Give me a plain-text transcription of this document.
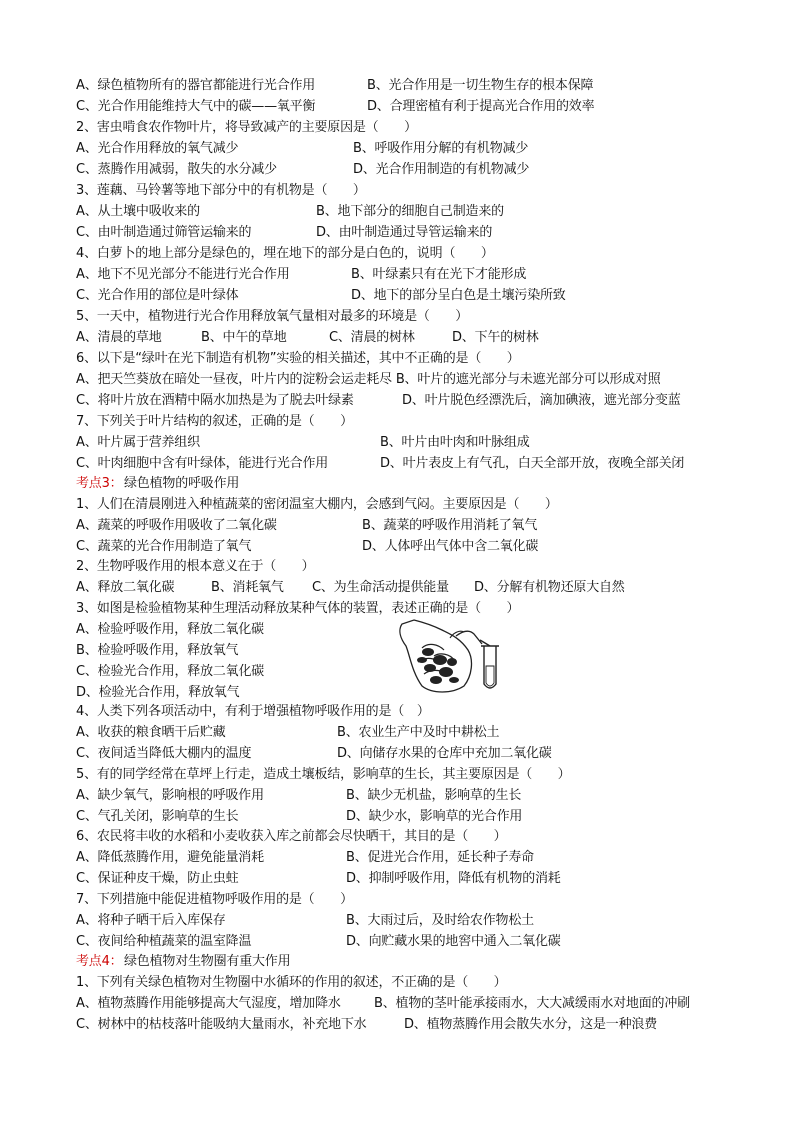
A、绿色植物所有的器官都能进行光合作用	B、光合作用是一切生物生存的根本保障
C、光合作用能维持大气中的碳——氧平衡	D、合理密植有利于提高光合作用的效率
2、害虫啃食农作物叶片，将导致减产的主要原因是（　　）
A、光合作用释放的氧气减少	B、呼吸作用分解的有机物减少
C、蒸腾作用减弱，散失的水分减少	D、光合作用制造的有机物减少
3、莲藕、马铃薯等地下部分中的有机物是（　　）
A、从土壤中吸收来的	B、地下部分的细胞自己制造来的
C、由叶制造通过筛管运输来的	D、由叶制造通过导管运输来的
4、白萝卜的地上部分是绿色的，埋在地下的部分是白色的，说明（　　）
A、地下不见光部分不能进行光合作用	B、叶绿素只有在光下才能形成
C、光合作用的部位是叶绿体	D、地下的部分呈白色是土壤污染所致
5、一天中，植物进行光合作用释放氧气量相对最多的环境是（　　）
A、清晨的草地	B、中午的草地	C、清晨的树林	D、下午的树林
6、以下是“绿叶在光下制造有机物”实验的相关描述，其中不正确的是（　　）
A、把天竺葵放在暗处一昼夜，叶片内的淀粉会运走耗尽 B、叶片的遮光部分与未遮光部分可以形成对照
C、将叶片放在酒精中隔水加热是为了脱去叶绿素	D、叶片脱色经漂洗后，滴加碘液，遮光部分变蓝
7、下列关于叶片结构的叙述，正确的是（　　）
A、叶片属于营养组织	B、叶片由叶肉和叶脉组成
C、叶肉细胞中含有叶绿体，能进行光合作用	D、叶片表皮上有气孔，白天全部开放，夜晚全部关闭
考点3： 绿色植物的呼吸作用
1、人们在清晨刚进入种植蔬菜的密闭温室大棚内，会感到气闷。主要原因是（　　）
A、蔬菜的呼吸作用吸收了二氧化碳	B、蔬菜的呼吸作用消耗了氧气
C、蔬菜的光合作用制造了氧气	D、人体呼出气体中含二氧化碳
2、生物呼吸作用的根本意义在于（　　）
A、释放二氧化碳	B、消耗氧气 C、为生命活动提供能量 D、分解有机物还原大自然
3、如图是检验植物某种生理活动释放某种气体的装置，表述正确的是（　　）
A、检验呼吸作用，释放二氧化碳
B、检验呼吸作用，释放氧气
C、检验光合作用，释放二氧化碳
D、检验光合作用，释放氧气
4、人类下列各项活动中，有利于增强植物呼吸作用的是（　）
A、收获的粮食晒干后贮藏	B、农业生产中及时中耕松土
C、夜间适当降低大棚内的温度	D、向储存水果的仓库中充加二氧化碳
5、有的同学经常在草坪上行走，造成土壤板结，影响草的生长，其主要原因是（　　）
A、缺少氧气，影响根的呼吸作用	B、缺少无机盐，影响草的生长
C、气孔关闭，影响草的生长	D、缺少水，影响草的光合作用
6、农民将丰收的水稻和小麦收获入库之前都会尽快晒干，其目的是（　　）
A、降低蒸腾作用，避免能量消耗	B、促进光合作用，延长种子寿命
C、保证种皮干燥，防止虫蛀	D、抑制呼吸作用，降低有机物的消耗
7、下列措施中能促进植物呼吸作用的是（　　）
A、将种子晒干后入库保存	B、大雨过后，及时给农作物松土
C、夜间给种植蔬菜的温室降温	D、向贮藏水果的地窖中通入二氧化碳
考点4： 绿色植物对生物圈有重大作用
1、下列有关绿色植物对生物圈中水循环的作用的叙述，不正确的是（　　）
A、植物蒸腾作用能够提高大气湿度，增加降水	B、植物的茎叶能承接雨水，大大减缓雨水对地面的冲刷
C、树林中的枯枝落叶能吸纳大量雨水，补充地下水	D、植物蒸腾作用会散失水分，这是一种浪费
